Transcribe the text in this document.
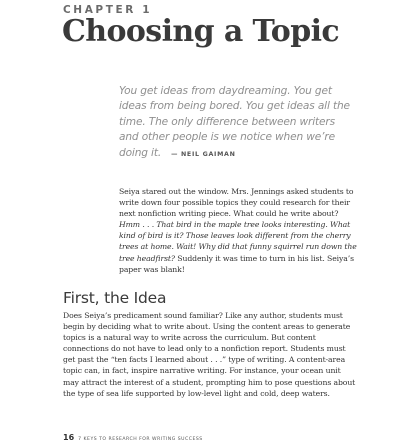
CHAPTER 1
Choosing a Topic

You get ideas from daydreaming. You get ideas from being bored. You get ideas all the time. The only difference between writers and other people is we notice when we’re doing it. — NEIL GAIMAN

Seiya stared out the window. Mrs. Jennings asked students to write down four possible topics they could research for their next nonfiction writing piece. What could he write about? Hmm . . . That bird in the maple tree looks interesting. What kind of bird is it? Those leaves look different from the cherry trees at home. Wait! Why did that funny squirrel run down the tree headfirst? Suddenly it was time to turn in his list. Seiya’s paper was blank!

First, the Idea

Does Seiya’s predicament sound familiar? Like any author, students must begin by deciding what to write about. Using the content areas to generate topics is a natural way to write across the curriculum. But content connections do not have to lead only to a nonfiction report. Students must get past the “ten facts I learned about . . .” type of writing. A content-area topic can, in fact, inspire narrative writing. For instance, your ocean unit may attract the interest of a student, prompting him to pose questions about the type of sea life supported by low-level light and cold, deep waters.

16 7 KEYS TO RESEARCH FOR WRITING SUCCESS
